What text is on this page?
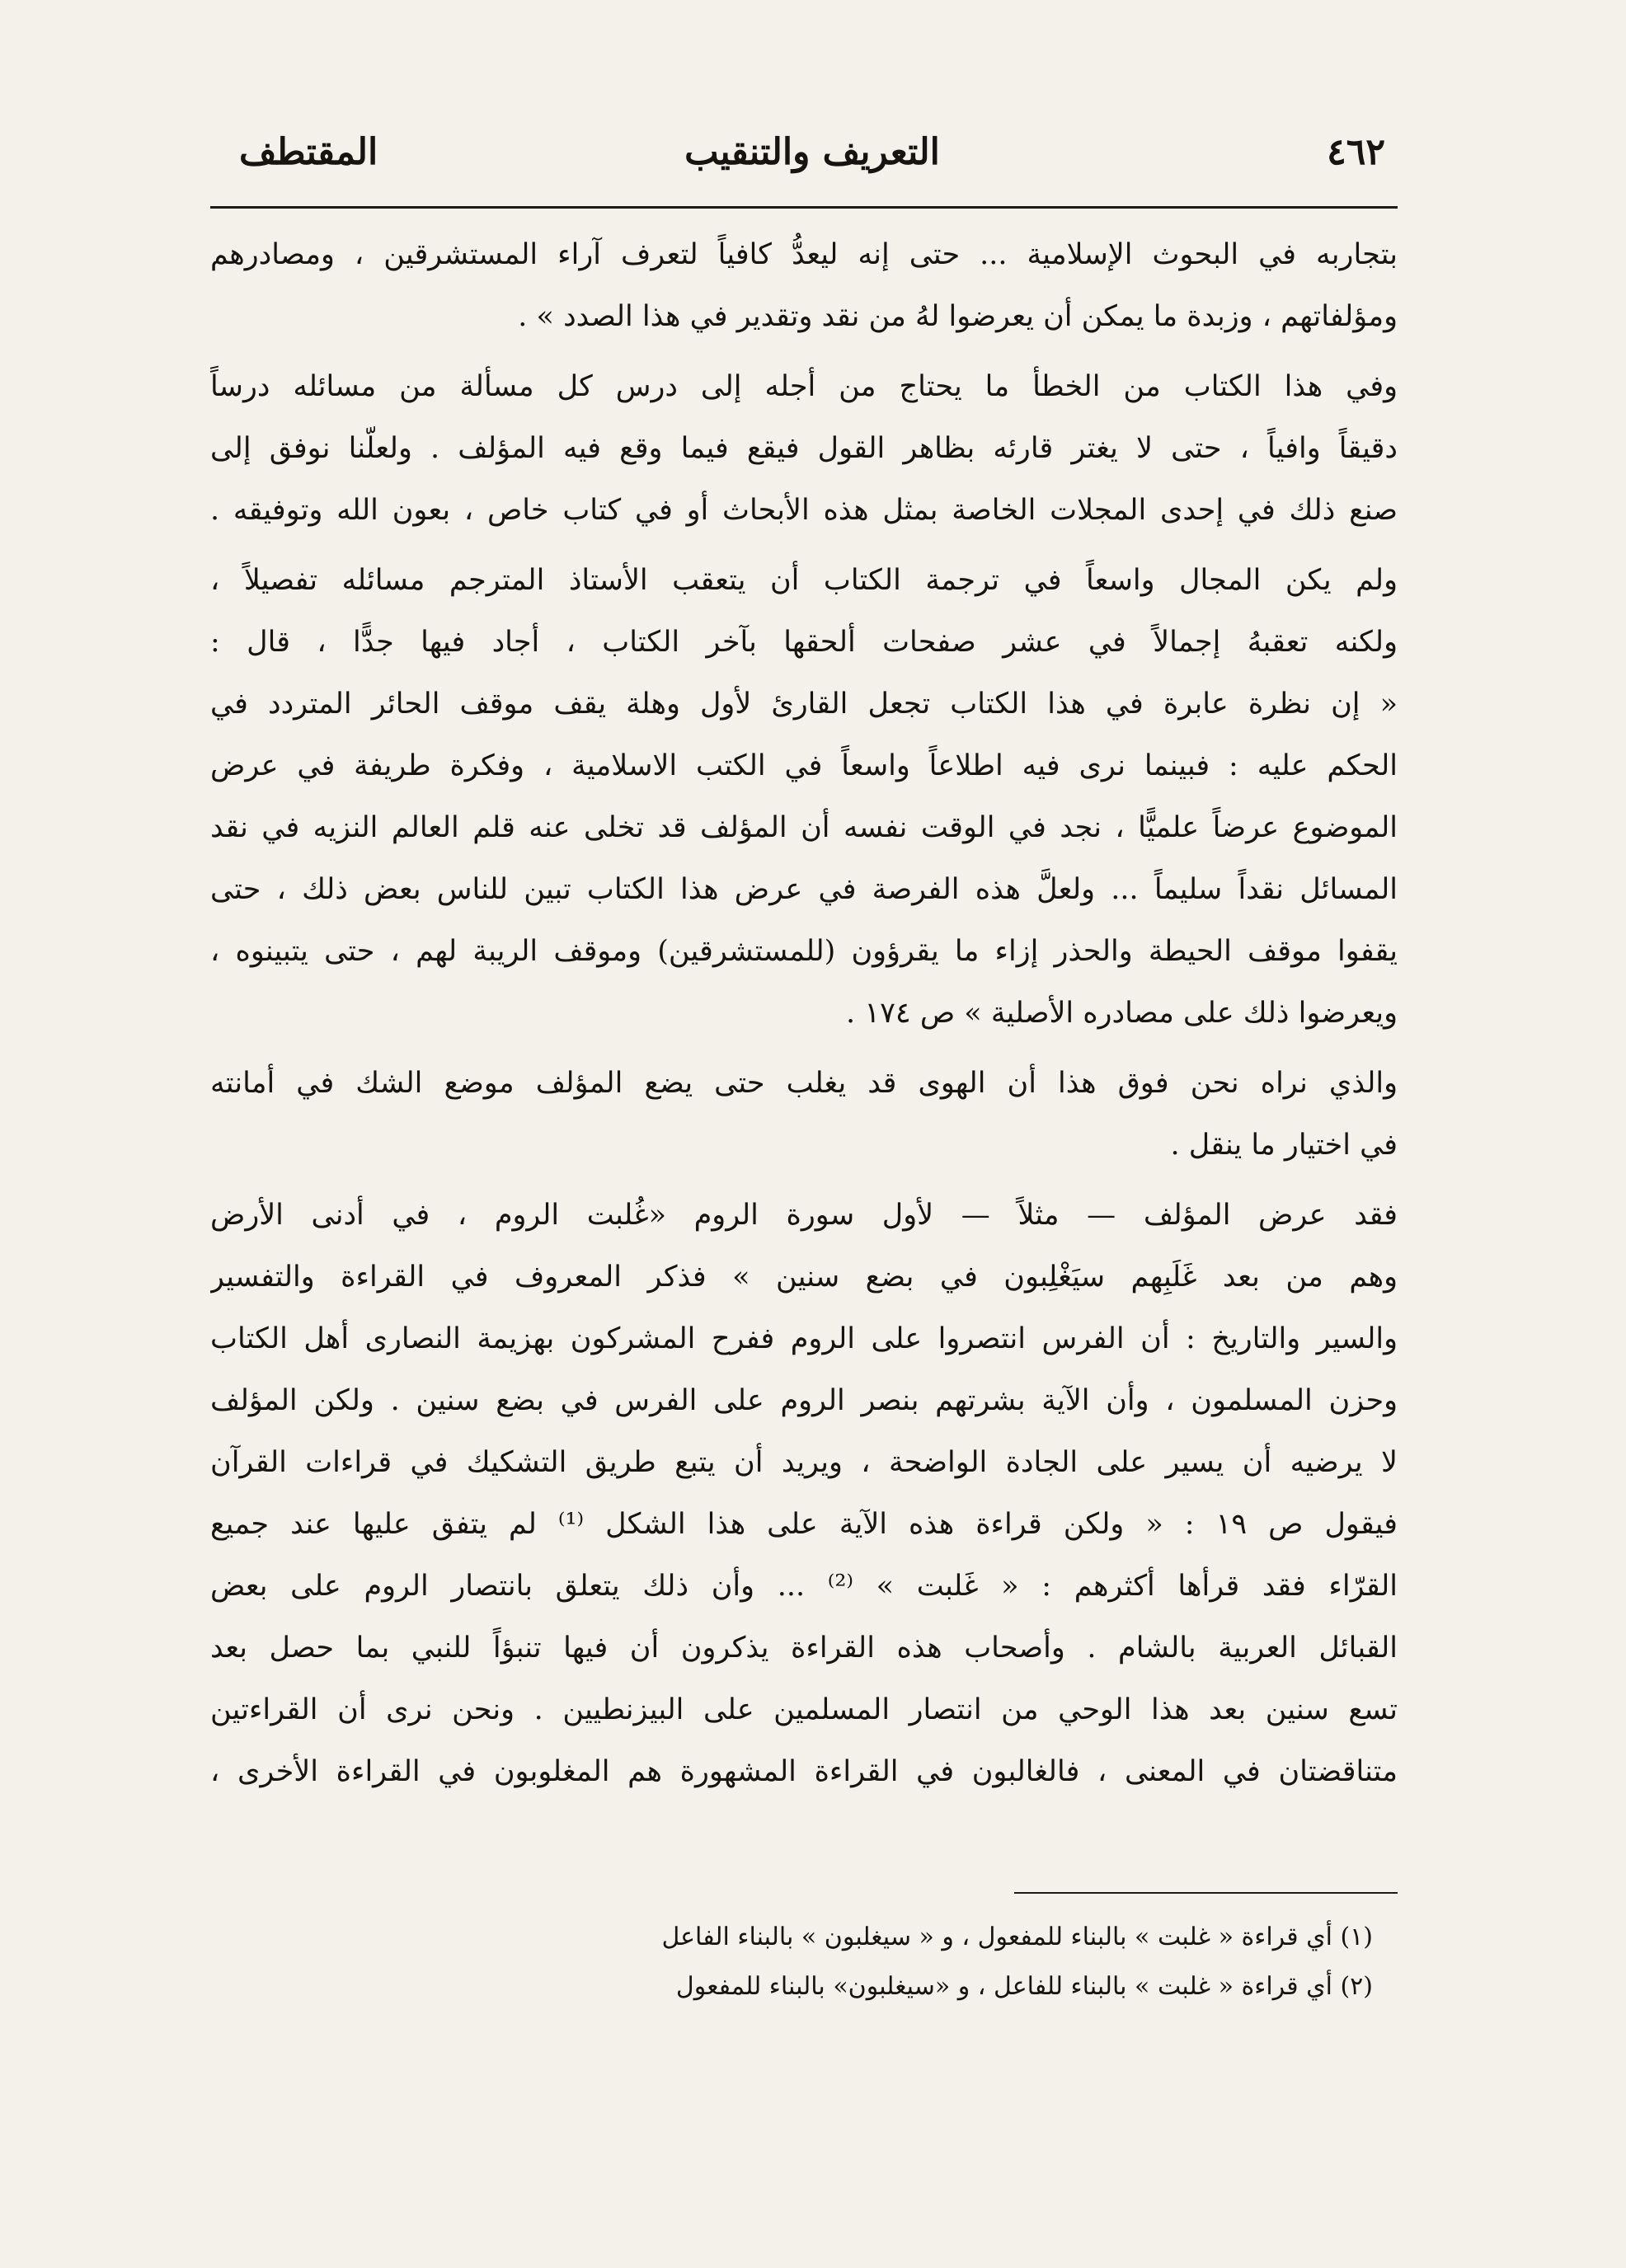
٤٦٢
التعريف والتنقيب
المقتطف
بتجاربه في البحوث الإسلامية ... حتى إنه ليعدُّ كافياً لتعرف آراء المستشرقين ، ومصادرهم
ومؤلفاتهم ، وزبدة ما يمكن أن يعرضوا لهُ من نقد وتقدير في هذا الصدد » .
وفي هذا الكتاب من الخطأ ما يحتاج من أجله إلى درس كل مسألة من مسائله درساً
دقيقاً وافياً ، حتى لا يغتر قارئه بظاهر القول فيقع فيما وقع فيه المؤلف . ولعلّنا نوفق إلى
صنع ذلك في إحدى المجلات الخاصة بمثل هذه الأبحاث أو في كتاب خاص ، بعون الله وتوفيقه .
ولم يكن المجال واسعاً في ترجمة الكتاب أن يتعقب الأستاذ المترجم مسائله تفصيلاً ،
ولكنه تعقبهُ إجمالاً في عشر صفحات ألحقها بآخر الكتاب ، أجاد فيها جدًّا ، قال :
« إن نظرة عابرة في هذا الكتاب تجعل القارئ لأول وهلة يقف موقف الحائر المتردد في
الحكم عليه : فبينما نرى فيه اطلاعاً واسعاً في الكتب الاسلامية ، وفكرة طريفة في عرض
الموضوع عرضاً علميًّا ، نجد في الوقت نفسه أن المؤلف قد تخلى عنه قلم العالم النزيه في نقد
المسائل نقداً سليماً ... ولعلَّ هذه الفرصة في عرض هذا الكتاب تبين للناس بعض ذلك ، حتى
يقفوا موقف الحيطة والحذر إزاء ما يقرؤون (للمستشرقين) وموقف الريبة لهم ، حتى يتبينوه ،
ويعرضوا ذلك على مصادره الأصلية » ص ١٧٤ .
والذي نراه نحن فوق هذا أن الهوى قد يغلب حتى يضع المؤلف موضع الشك في أمانته
في اختيار ما ينقل .
فقد عرض المؤلف — مثلاً — لأول سورة الروم «غُلبت الروم ، في أدنى الأرض
وهم من بعد غَلَبِهم سيَغْلِبون في بضع سنين » فذكر المعروف في القراءة والتفسير
والسير والتاريخ : أن الفرس انتصروا على الروم ففرح المشركون بهزيمة النصارى أهل الكتاب
وحزن المسلمون ، وأن الآية بشرتهم بنصر الروم على الفرس في بضع سنين . ولكن المؤلف
لا يرضيه أن يسير على الجادة الواضحة ، ويريد أن يتبع طريق التشكيك في قراءات القرآن
فيقول ص ١٩ : « ولكن قراءة هذه الآية على هذا الشكل ⁽¹⁾ لم يتفق عليها عند جميع
القرّاء فقد قرأها أكثرهم : « غَلبت » ⁽²⁾ ... وأن ذلك يتعلق بانتصار الروم على بعض
القبائل العربية بالشام . وأصحاب هذه القراءة يذكرون أن فيها تنبؤاً للنبي بما حصل بعد
تسع سنين بعد هذا الوحي من انتصار المسلمين على البيزنطيين . ونحن نرى أن القراءتين
متناقضتان في المعنى ، فالغالبون في القراءة المشهورة هم المغلوبون في القراءة الأخرى ،
(١) أي قراءة « غلبت » بالبناء للمفعول ، و « سيغلبون » بالبناء الفاعل
(٢) أي قراءة « غلبت » بالبناء للفاعل ، و «سيغلبون» بالبناء للمفعول
